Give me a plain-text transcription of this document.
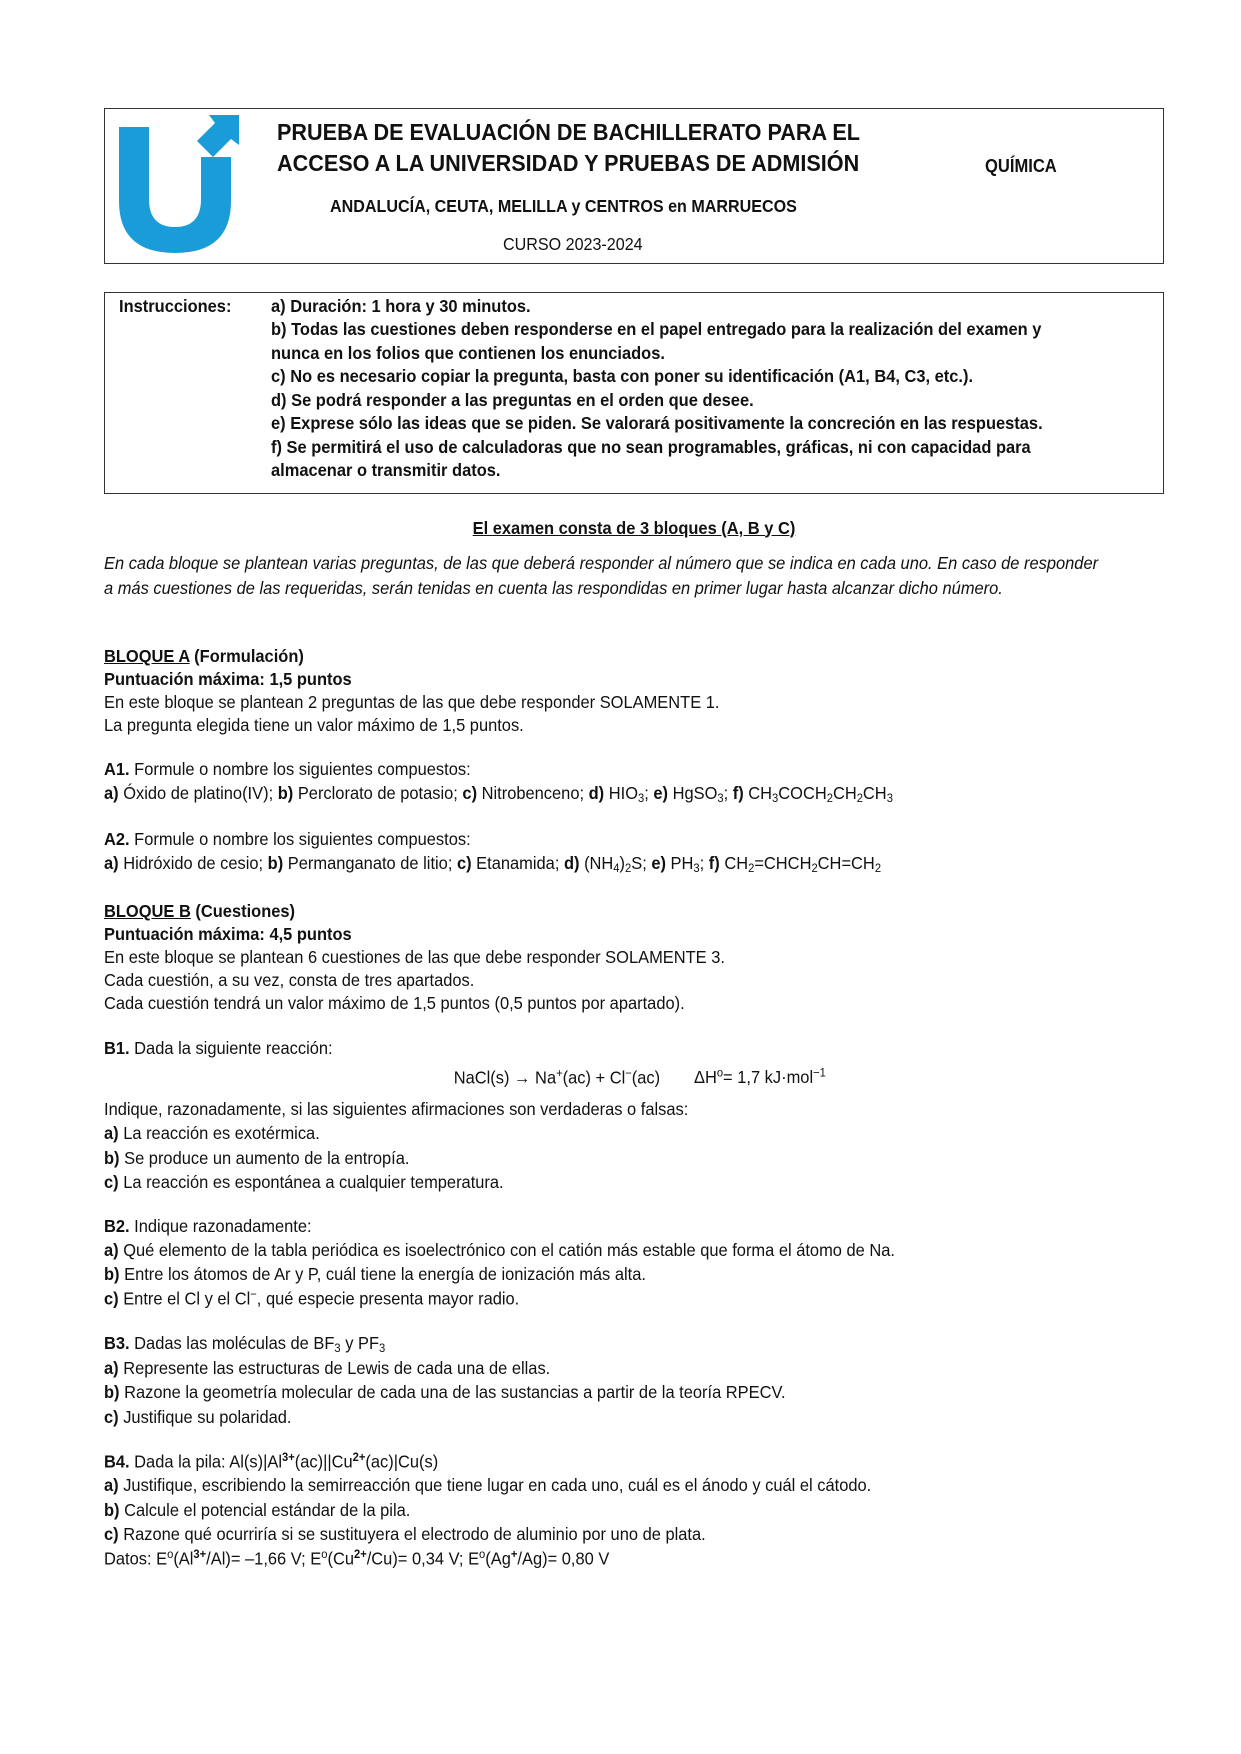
PRUEBA DE EVALUACIÓN DE BACHILLERATO PARA EL
ACCESO A LA UNIVERSIDAD Y PRUEBAS DE ADMISIÓN	QUÍMICA
ANDALUCÍA, CEUTA, MELILLA y CENTROS en MARRUECOS
CURSO 2023-2024
Instrucciones:	a) Duración: 1 hora y 30 minutos.
b) Todas las cuestiones deben responderse en el papel entregado para la realización del examen y nunca en los folios que contienen los enunciados.
c) No es necesario copiar la pregunta, basta con poner su identificación (A1, B4, C3, etc.).
d) Se podrá responder a las preguntas en el orden que desee.
e) Exprese sólo las ideas que se piden. Se valorará positivamente la concreción en las respuestas.
f) Se permitirá el uso de calculadoras que no sean programables, gráficas, ni con capacidad para almacenar o transmitir datos.
El examen consta de 3 bloques (A, B y C)
En cada bloque se plantean varias preguntas, de las que deberá responder al número que se indica en cada uno. En caso de responder a más cuestiones de las requeridas, serán tenidas en cuenta las respondidas en primer lugar hasta alcanzar dicho número.
BLOQUE A (Formulación)
Puntuación máxima: 1,5 puntos
En este bloque se plantean 2 preguntas de las que debe responder SOLAMENTE 1.
La pregunta elegida tiene un valor máximo de 1,5 puntos.
A1. Formule o nombre los siguientes compuestos:
a) Óxido de platino(IV); b) Perclorato de potasio; c) Nitrobenceno; d) $HIO_3$; e) HgSO$_3$; f) $CH_3COCH_2CH_2CH_3$
A2. Formule o nombre los siguientes compuestos:
a) Hidróxido de cesio; b) Permanganato de litio; c) Etanamida; d) $(NH_4)_2S$; e) $PH_3$; f) $CH_2=CHCH_2CH=CH_2$
BLOQUE B (Cuestiones)
Puntuación máxima: 4,5 puntos
En este bloque se plantean 6 cuestiones de las que debe responder SOLAMENTE 3.
Cada cuestión, a su vez, consta de tres apartados.
Cada cuestión tendrá un valor máximo de 1,5 puntos (0,5 puntos por apartado).
B1. Dada la siguiente reacción:
NaCl(s) → Na+(ac) + Cl−(ac) $\Delta H^o= 1,7$ kJ·mol$^{-1}$
Indique, razonadamente, si las siguientes afirmaciones son verdaderas o falsas:
a) La reacción es exotérmica.
b) Se produce un aumento de la entropía.
c) La reacción es espontánea a cualquier temperatura.
B2. Indique razonadamente:
a) Qué elemento de la tabla periódica es isoelectrónico con el catión más estable que forma el átomo de Na.
b) Entre los átomos de Ar y P, cuál tiene la energía de ionización más alta.
c) Entre el Cl y el Cl−, qué especie presenta mayor radio.
B3. Dadas las moléculas de $BF_3$ y $PF_3$
a) Represente las estructuras de Lewis de cada una de ellas.
b) Razone la geometría molecular de cada una de las sustancias a partir de la teoría RPECV.
c) Justifique su polaridad.
B4. Dada la pila: $Al(s)|Al^{3+}(ac)||Cu^{2+}(ac)|Cu(s)$
a) Justifique, escribiendo la semirreacción que tiene lugar en cada uno, cuál es el ánodo y cuál el cátodo.
b) Calcule el potencial estándar de la pila.
c) Razone qué ocurriría si se sustituyera el electrodo de aluminio por uno de plata.
Datos: $E^o(Al^{3+}/Al)= -1,66$ V; $E^o(Cu^{2+}/Cu)= 0,34$ V; $E^o(Ag^+/Ag)= 0,80$ V
